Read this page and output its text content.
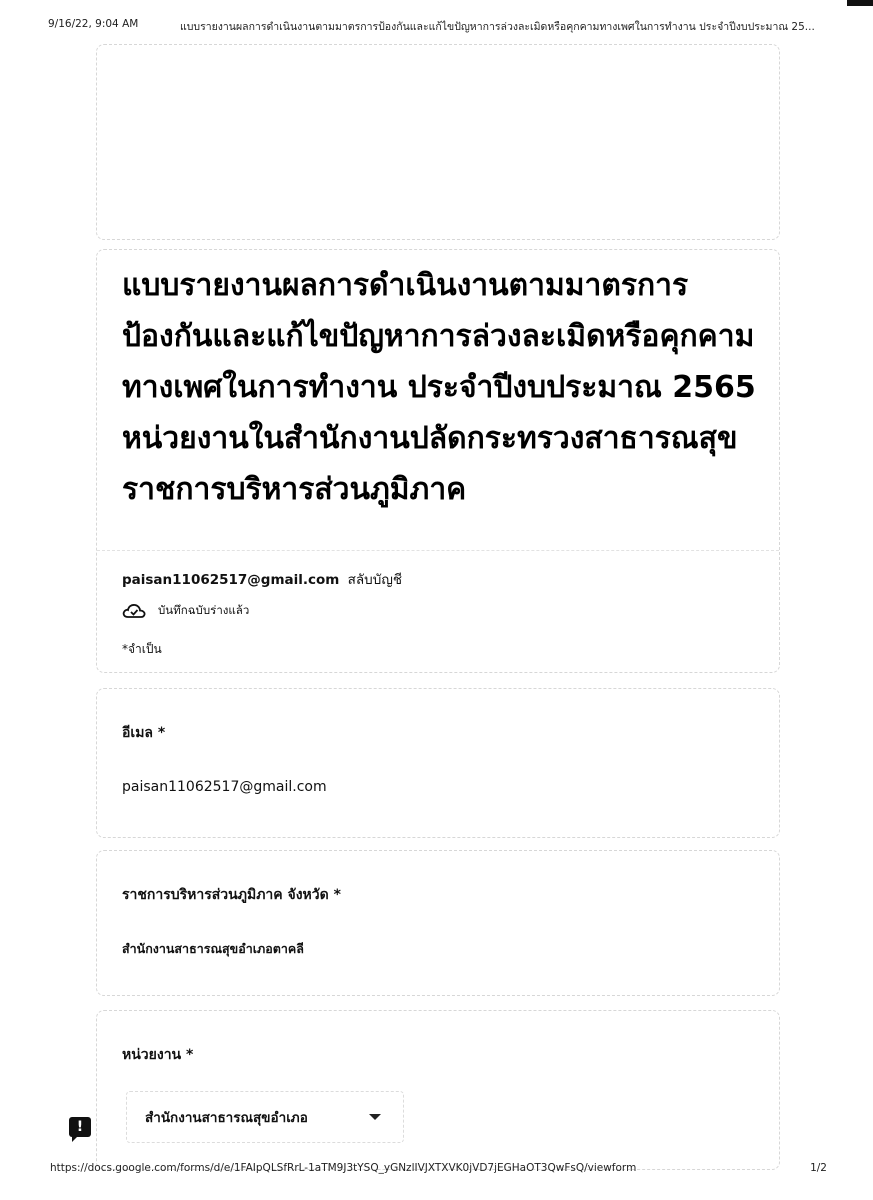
9/16/22, 9:04 AM	แบบรายงานผลการดำเนินงานตามมาตรการป้องกันและแก้ไขปัญหาการล่วงละเมิดหรือคุกคามทางเพศในการทำงาน ประจำปีงบประมาณ 25...
แบบรายงานผลการดำเนินงานตามมาตรการป้องกันและแก้ไขปัญหาการล่วงละเมิดหรือคุกคามทางเพศในการทำงาน ประจำปีงบประมาณ 2565 หน่วยงานในสำนักงานปลัดกระทรวงสาธารณสุข ราชการบริหารส่วนภูมิภาค
paisan11062517@gmail.com สลับบัญชี
บันทึกฉบับร่างแล้ว
*จำเป็น
อีเมล *
paisan11062517@gmail.com
ราชการบริหารส่วนภูมิภาค จังหวัด *
สำนักงานสาธารณสุขอำเภอตาคลี
หน่วยงาน *
สำนักงานสาธารณสุขอำเภอ
!
https://docs.google.com/forms/d/e/1FAIpQLSfRrL-1aTM9J3tYSQ_yGNzlIVJXTXVK0jVD7jEGHaOT3QwFsQ/viewform	1/2
